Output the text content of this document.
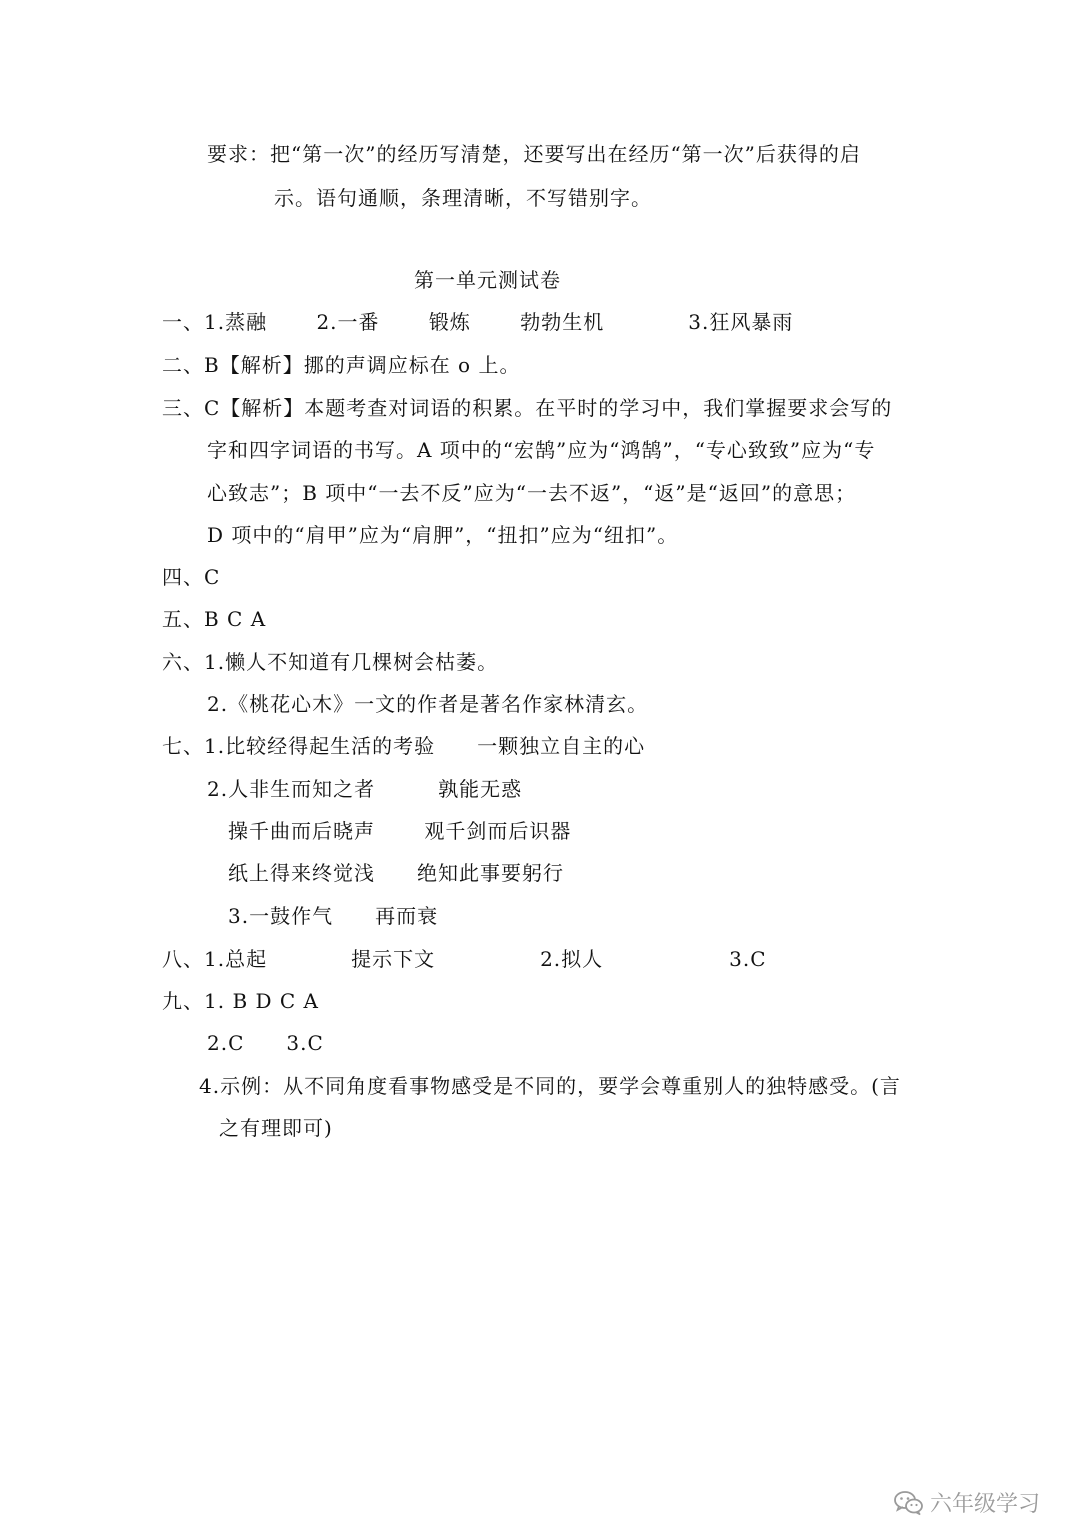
要求：把“第一次”的经历写清楚，还要写出在经历“第一次”后获得的启
示。语句通顺，条理清晰，不写错别字。
第一单元测试卷
一、1.蒸融　　 2.一番　　 锻炼　　 勃勃生机　　　　3.狂风暴雨
二、B【解析】挪的声调应标在 o 上。
三、C【解析】本题考查对词语的积累。在平时的学习中，我们掌握要求会写的
字和四字词语的书写。A 项中的“宏鹄”应为“鸿鹄”，“专心致致”应为“专
心致志”；B 项中“一去不反”应为“一去不返”，“返”是“返回”的意思；
D 项中的“肩甲”应为“肩胛”，“扭扣”应为“纽扣”。
四、C
五、B C A
六、1.懒人不知道有几棵树会枯萎。
2.《桃花心木》一文的作者是著名作家林清玄。
七、1.比较经得起生活的考验　　一颗独立自主的心
2.人非生而知之者　　　孰能无惑
操千曲而后晓声　　 观千剑而后识器
纸上得来终觉浅　　绝知此事要躬行
3.一鼓作气　　再而衰
八、1.总起　　　　提示下文　　　　　2.拟人　　　　　　3.C
九、1. B D C A
2.C　　3.C
4.示例：从不同角度看事物感受是不同的，要学会尊重别人的独特感受。(言
之有理即可)
六年级学习
